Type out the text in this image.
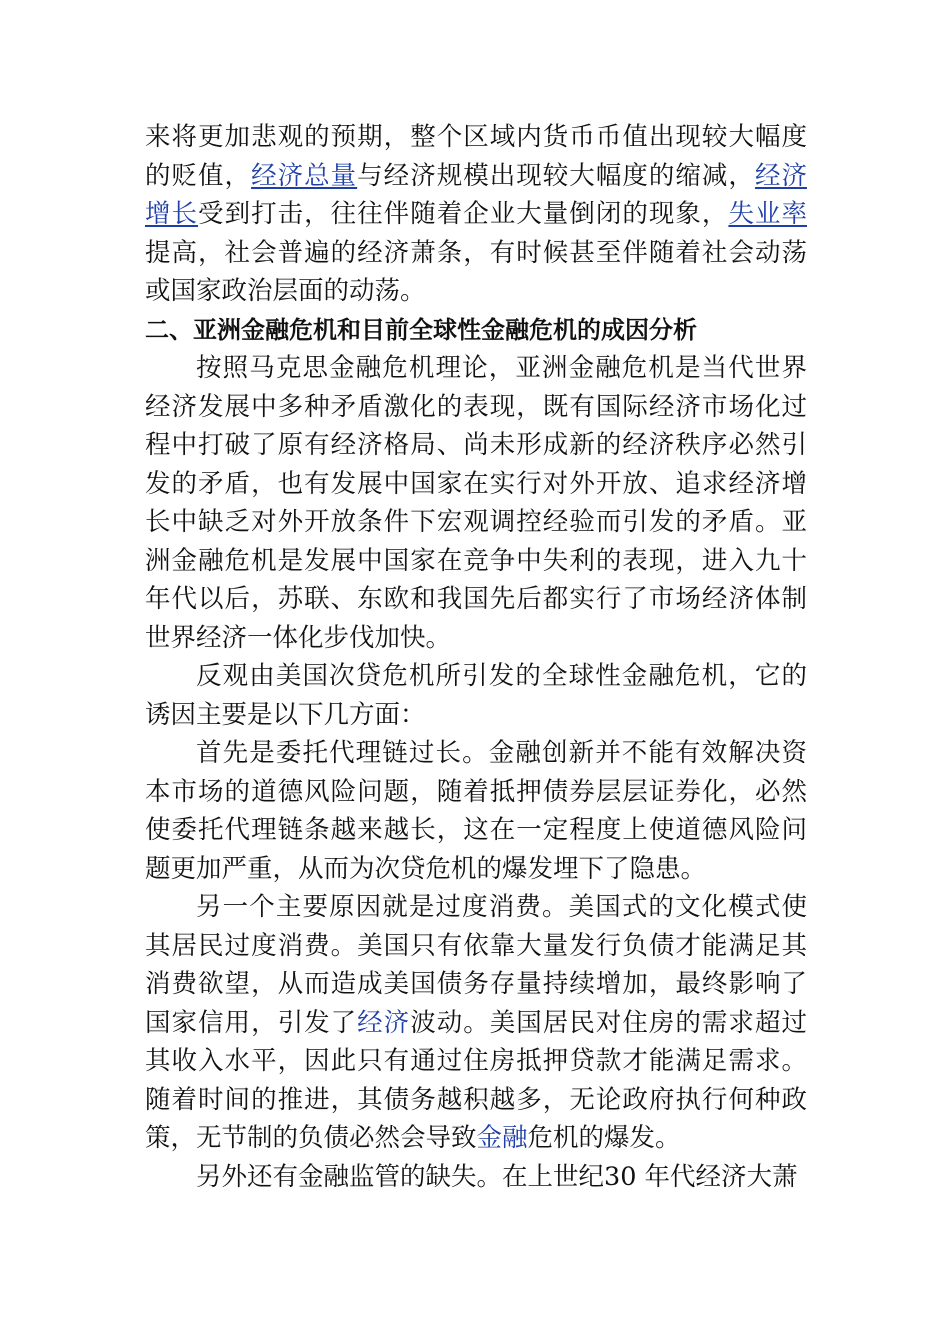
来将更加悲观的预期，整个区域内货币币值出现较大幅度
的贬值，经济总量与经济规模出现较大幅度的缩减，经济
增长受到打击，往往伴随着企业大量倒闭的现象，失业率
提高，社会普遍的经济萧条，有时候甚至伴随着社会动荡
或国家政治层面的动荡。
二、亚洲金融危机和目前全球性金融危机的成因分析
按照马克思金融危机理论，亚洲金融危机是当代世界
经济发展中多种矛盾激化的表现，既有国际经济市场化过
程中打破了原有经济格局、尚未形成新的经济秩序必然引
发的矛盾，也有发展中国家在实行对外开放、追求经济增
长中缺乏对外开放条件下宏观调控经验而引发的矛盾。亚
洲金融危机是发展中国家在竞争中失利的表现，进入九十
年代以后，苏联、东欧和我国先后都实行了市场经济体制
世界经济一体化步伐加快。
反观由美国次贷危机所引发的全球性金融危机，它的
诱因主要是以下几方面：
首先是委托代理链过长。金融创新并不能有效解决资
本市场的道德风险问题，随着抵押债券层层证券化，必然
使委托代理链条越来越长，这在一定程度上使道德风险问
题更加严重，从而为次贷危机的爆发埋下了隐患。
另一个主要原因就是过度消费。美国式的文化模式使
其居民过度消费。美国只有依靠大量发行负债才能满足其
消费欲望，从而造成美国债务存量持续增加，最终影响了
国家信用，引发了经济波动。美国居民对住房的需求超过
其收入水平，因此只有通过住房抵押贷款才能满足需求。
随着时间的推进，其债务越积越多，无论政府执行何种政
策，无节制的负债必然会导致金融危机的爆发。
另外还有金融监管的缺失。在上世纪30 年代经济大萧
